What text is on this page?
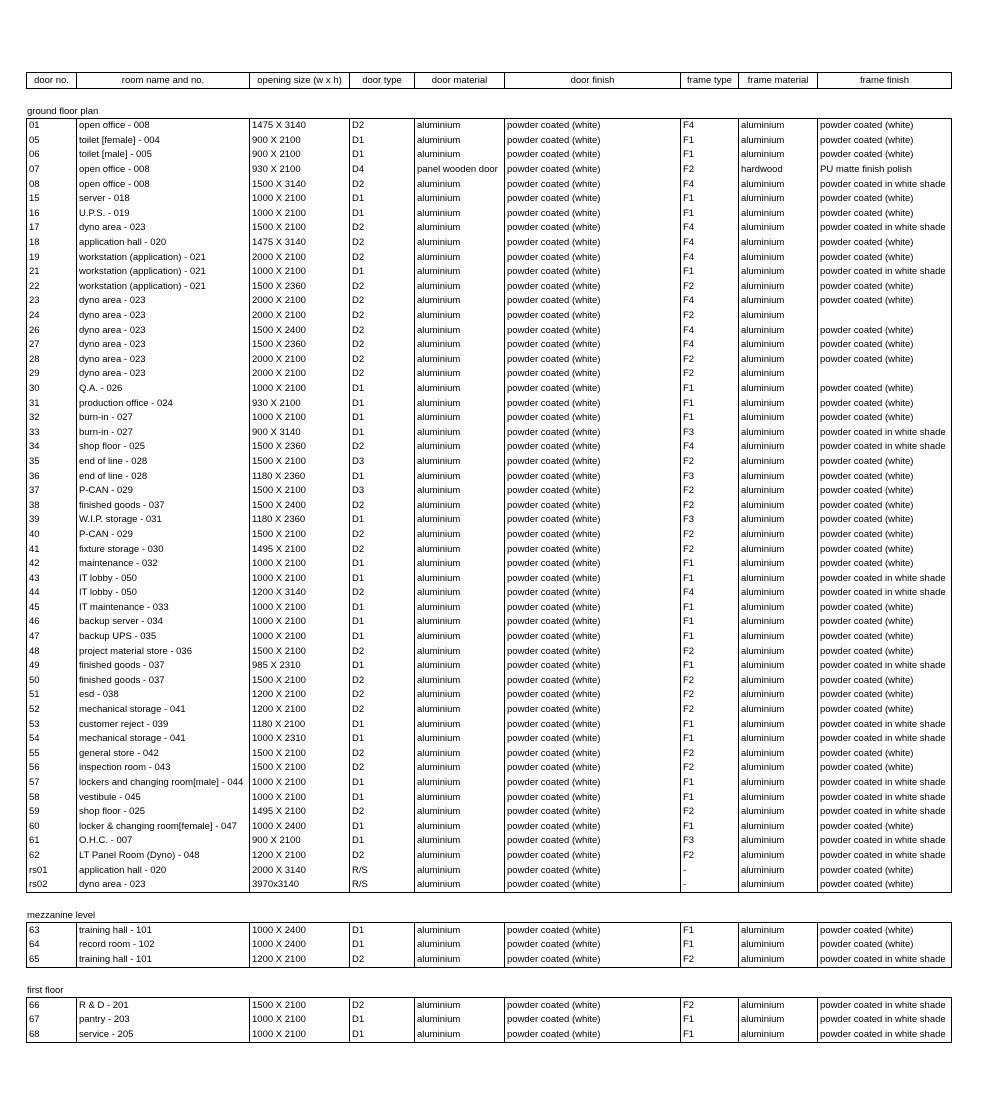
door no.	room name and no.	opening size (w x h)	door type	door material	door finish	frame type	frame material	frame finish
ground floor plan
01	open office - 008	1475 X 3140	D2	aluminium	powder coated (white)	F4	aluminium	powder coated (white)
05	toilet [female] - 004	900 X 2100	D1	aluminium	powder coated (white)	F1	aluminium	powder coated (white)
06	toilet [male] - 005	900 X 2100	D1	aluminium	powder coated (white)	F1	aluminium	powder coated (white)
07	open office - 008	930 X 2100	D4	panel wooden door	powder coated (white)	F2	hardwood	PU matte finish polish
08	open office - 008	1500 X 3140	D2	aluminium	powder coated (white)	F4	aluminium	powder coated in white shade
15	server - 018	1000 X 2100	D1	aluminium	powder coated (white)	F1	aluminium	powder coated (white)
16	U.P.S. - 019	1000 X 2100	D1	aluminium	powder coated (white)	F1	aluminium	powder coated (white)
17	dyno area - 023	1500 X 2100	D2	aluminium	powder coated (white)	F4	aluminium	powder coated in white shade
18	application hall - 020	1475 X 3140	D2	aluminium	powder coated (white)	F4	aluminium	powder coated (white)
19	workstation (application) - 021	2000 X 2100	D2	aluminium	powder coated (white)	F4	aluminium	powder coated (white)
21	workstation (application) - 021	1000 X 2100	D1	aluminium	powder coated (white)	F1	aluminium	powder coated in white shade
22	workstation (application) - 021	1500 X 2360	D2	aluminium	powder coated (white)	F2	aluminium	powder coated (white)
23	dyno area - 023	2000 X 2100	D2	aluminium	powder coated (white)	F4	aluminium	powder coated (white)
24	dyno area - 023	2000 X 2100	D2	aluminium	powder coated (white)	F2	aluminium	
26	dyno area - 023	1500 X 2400	D2	aluminium	powder coated (white)	F4	aluminium	powder coated (white)
27	dyno area - 023	1500 X 2360	D2	aluminium	powder coated (white)	F4	aluminium	powder coated (white)
28	dyno area - 023	2000 X 2100	D2	aluminium	powder coated (white)	F2	aluminium	powder coated (white)
29	dyno area - 023	2000 X 2100	D2	aluminium	powder coated (white)	F2	aluminium	
30	Q.A. - 026	1000 X 2100	D1	aluminium	powder coated (white)	F1	aluminium	powder coated (white)
31	production office - 024	930 X 2100	D1	aluminium	powder coated (white)	F1	aluminium	powder coated (white)
32	burn-in - 027	1000 X 2100	D1	aluminium	powder coated (white)	F1	aluminium	powder coated (white)
33	burn-in - 027	900 X 3140	D1	aluminium	powder coated (white)	F3	aluminium	powder coated in white shade
34	shop floor - 025	1500 X 2360	D2	aluminium	powder coated (white)	F4	aluminium	powder coated in white shade
35	end of line - 028	1500 X 2100	D3	aluminium	powder coated (white)	F2	aluminium	powder coated (white)
36	end of line - 028	1180 X 2360	D1	aluminium	powder coated (white)	F3	aluminium	powder coated (white)
37	P-CAN - 029	1500 X 2100	D3	aluminium	powder coated (white)	F2	aluminium	powder coated (white)
38	finished goods - 037	1500 X 2400	D2	aluminium	powder coated (white)	F2	aluminium	powder coated (white)
39	W.I.P. storage - 031	1180 X 2360	D1	aluminium	powder coated (white)	F3	aluminium	powder coated (white)
40	P-CAN - 029	1500 X 2100	D2	aluminium	powder coated (white)	F2	aluminium	powder coated (white)
41	fixture storage - 030	1495 X 2100	D2	aluminium	powder coated (white)	F2	aluminium	powder coated (white)
42	maintenance - 032	1000 X 2100	D1	aluminium	powder coated (white)	F1	aluminium	powder coated (white)
43	IT lobby - 050	1000 X 2100	D1	aluminium	powder coated (white)	F1	aluminium	powder coated in white shade
44	IT lobby - 050	1200 X 3140	D2	aluminium	powder coated (white)	F4	aluminium	powder coated in white shade
45	IT maintenance - 033	1000 X 2100	D1	aluminium	powder coated (white)	F1	aluminium	powder coated (white)
46	backup server - 034	1000 X 2100	D1	aluminium	powder coated (white)	F1	aluminium	powder coated (white)
47	backup UPS - 035	1000 X 2100	D1	aluminium	powder coated (white)	F1	aluminium	powder coated (white)
48	project material store - 036	1500 X 2100	D2	aluminium	powder coated (white)	F2	aluminium	powder coated (white)
49	finished goods - 037	985 X 2310	D1	aluminium	powder coated (white)	F1	aluminium	powder coated in white shade
50	finished goods - 037	1500 X 2100	D2	aluminium	powder coated (white)	F2	aluminium	powder coated (white)
51	esd - 038	1200 X 2100	D2	aluminium	powder coated (white)	F2	aluminium	powder coated (white)
52	mechanical storage - 041	1200 X 2100	D2	aluminium	powder coated (white)	F2	aluminium	powder coated (white)
53	customer reject - 039	1180 X 2100	D1	aluminium	powder coated (white)	F1	aluminium	powder coated in white shade
54	mechanical storage - 041	1000 X 2310	D1	aluminium	powder coated (white)	F1	aluminium	powder coated in white shade
55	general store - 042	1500 X 2100	D2	aluminium	powder coated (white)	F2	aluminium	powder coated (white)
56	inspection room - 043	1500 X 2100	D2	aluminium	powder coated (white)	F2	aluminium	powder coated (white)
57	lockers and changing room[male] - 044	1000 X 2100	D1	aluminium	powder coated (white)	F1	aluminium	powder coated in white shade
58	vestibule - 045	1000 X 2100	D1	aluminium	powder coated (white)	F1	aluminium	powder coated in white shade
59	shop floor - 025	1495 X 2100	D2	aluminium	powder coated (white)	F2	aluminium	powder coated in white shade
60	locker & changing room[female] - 047	1000 X 2400	D1	aluminium	powder coated (white)	F1	aluminium	powder coated (white)
61	O.H.C. - 007	900 X 2100	D1	aluminium	powder coated (white)	F3	aluminium	powder coated in white shade
62	LT Panel Room (Dyno) - 048	1200 X 2100	D2	aluminium	powder coated (white)	F2	aluminium	powder coated in white shade
rs01	application hall - 020	2000 X 3140	R/S	aluminium	powder coated (white)	-	aluminium	powder coated (white)
rs02	dyno area - 023	3970x3140	R/S	aluminium	powder coated (white)	-	aluminium	powder coated (white)
mezzanine level
63	training hall - 101	1000 X 2400	D1	aluminium	powder coated (white)	F1	aluminium	powder coated (white)
64	record room - 102	1000 X 2400	D1	aluminium	powder coated (white)	F1	aluminium	powder coated (white)
65	training hall - 101	1200 X 2100	D2	aluminium	powder coated (white)	F2	aluminium	powder coated in white shade
first floor
66	R & D - 201	1500 X 2100	D2	aluminium	powder coated (white)	F2	aluminium	powder coated in white shade
67	pantry - 203	1000 X 2100	D1	aluminium	powder coated (white)	F1	aluminium	powder coated in white shade
68	service - 205	1000 X 2100	D1	aluminium	powder coated (white)	F1	aluminium	powder coated in white shade
